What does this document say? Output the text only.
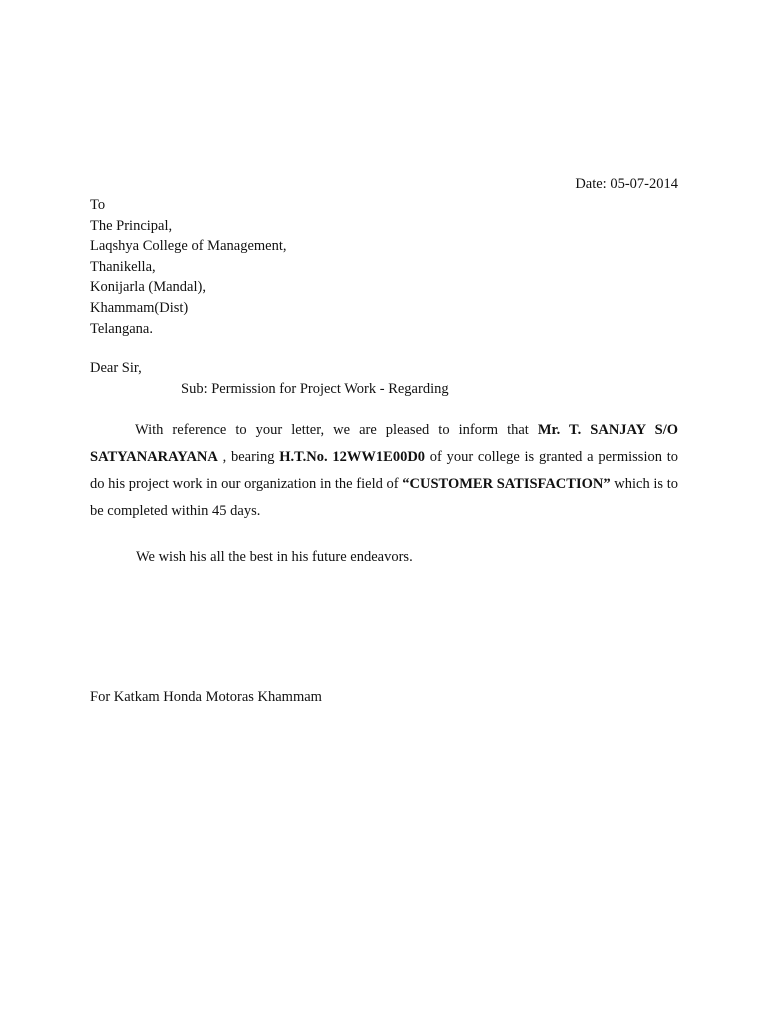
Date: 05-07-2014
To
The Principal,
Laqshya College of Management,
Thanikella,
Konijarla (Mandal),
Khammam(Dist)
Telangana.
Dear Sir,
Sub: Permission for Project Work - Regarding
With reference to your letter, we are pleased to inform that Mr. T. SANJAY S/O SATYANARAYANA , bearing H.T.No. 12WW1E00D0 of your college is granted a permission to do his project work in our organization in the field of “CUSTOMER SATISFACTION” which is to be completed within 45 days.
We wish his all the best in his future endeavors.
For Katkam Honda Motoras Khammam
